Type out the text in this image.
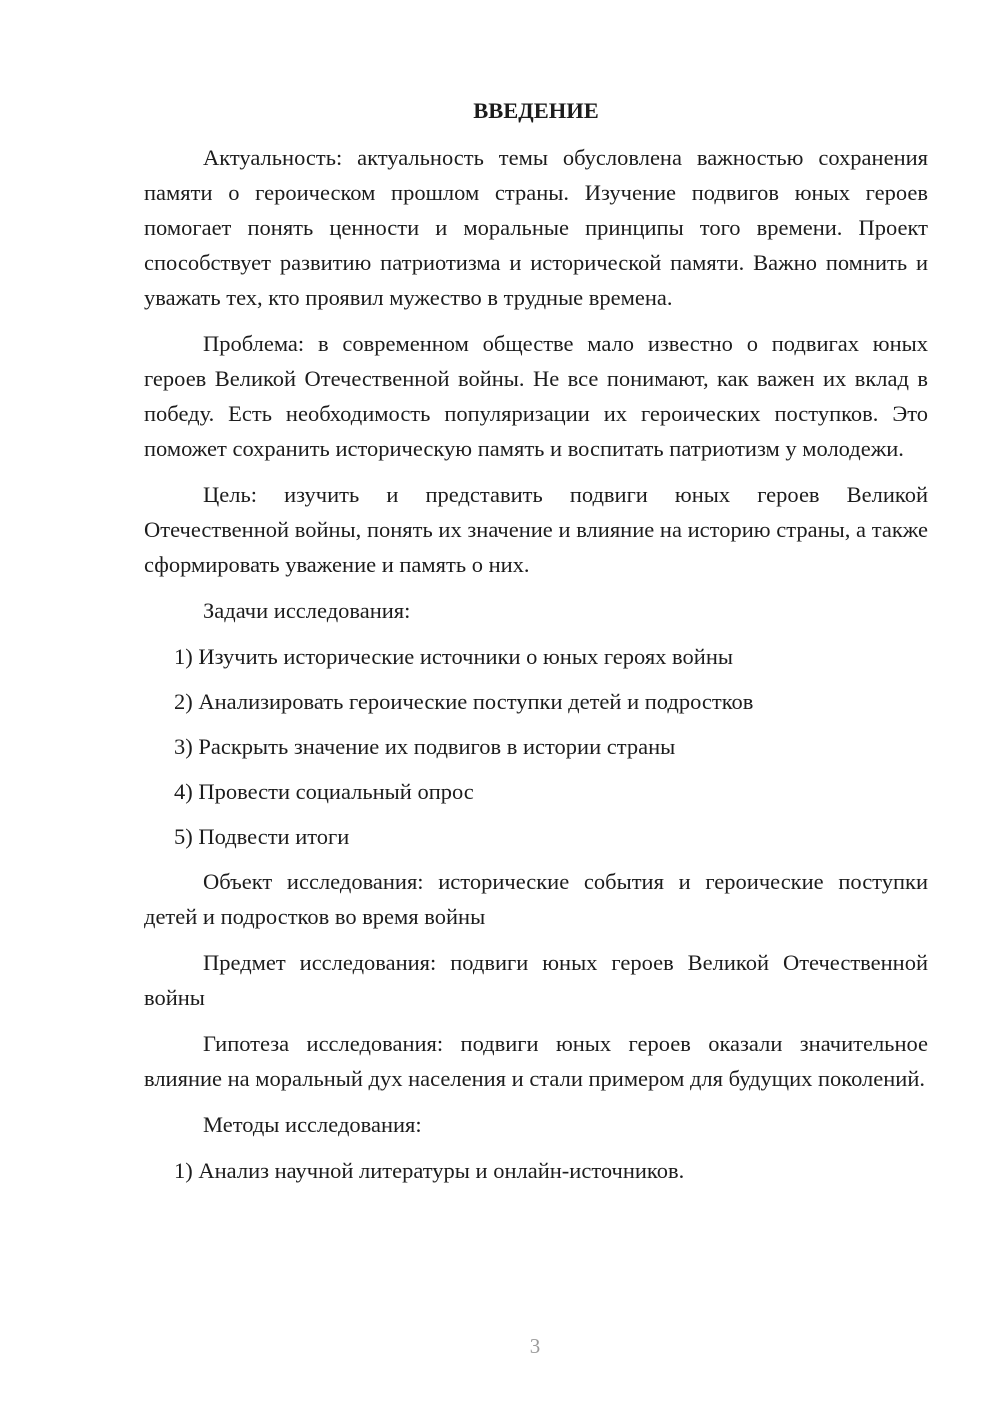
ВВЕДЕНИЕ

Актуальность: актуальность темы обусловлена важностью сохранения памяти о героическом прошлом страны. Изучение подвигов юных героев помогает понять ценности и моральные принципы того времени. Проект способствует развитию патриотизма и исторической памяти. Важно помнить и уважать тех, кто проявил мужество в трудные времена.

Проблема: в современном обществе мало известно о подвигах юных героев Великой Отечественной войны. Не все понимают, как важен их вклад в победу. Есть необходимость популяризации их героических поступков. Это поможет сохранить историческую память и воспитать патриотизм у молодежи.

Цель: изучить и представить подвиги юных героев Великой Отечественной войны, понять их значение и влияние на историю страны, а также сформировать уважение и память о них.

Задачи исследования:
1) Изучить исторические источники о юных героях войны
2) Анализировать героические поступки детей и подростков
3) Раскрыть значение их подвигов в истории страны
4) Провести социальный опрос
5) Подвести итоги

Объект исследования: исторические события и героические поступки детей и подростков во время войны

Предмет исследования: подвиги юных героев Великой Отечественной войны

Гипотеза исследования: подвиги юных героев оказали значительное влияние на моральный дух населения и стали примером для будущих поколений.

Методы исследования:
1) Анализ научной литературы и онлайн-источников.
3
